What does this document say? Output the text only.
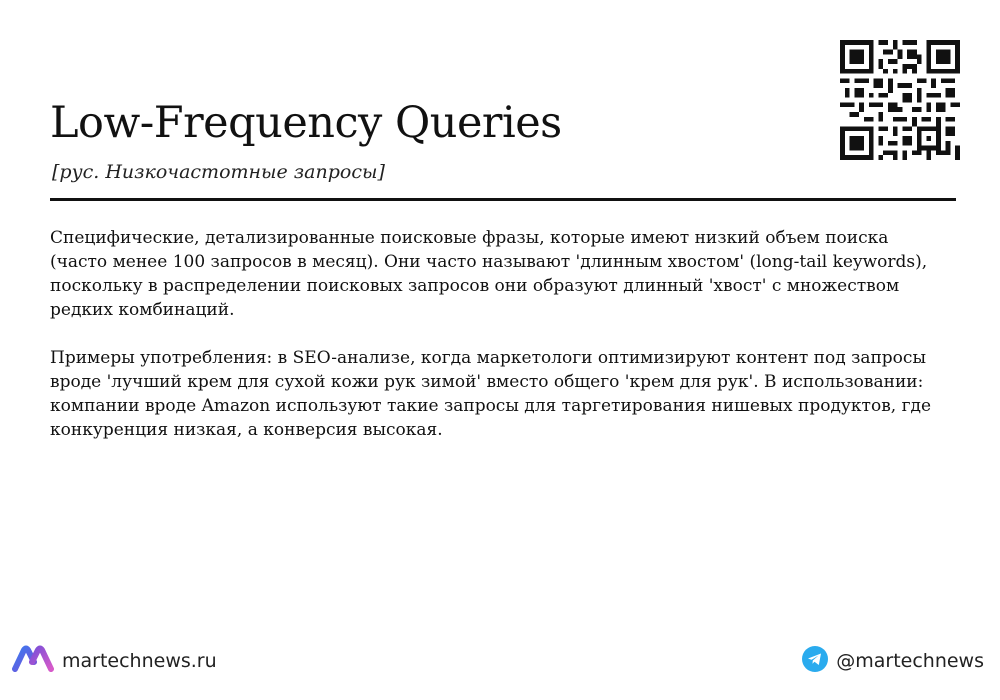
Low-Frequency Queries
[рус. Низкочастотные запросы]

Специфические, детализированные поисковые фразы, которые имеют низкий объем поиска (часто менее 100 запросов в месяц). Они часто называют 'длинным хвостом' (long-tail keywords), поскольку в распределении поисковых запросов они образуют длинный 'хвост' с множеством редких комбинаций.

Примеры употребления: в SEO-анализе, когда маркетологи оптимизируют контент под запросы вроде 'лучший крем для сухой кожи рук зимой' вместо общего 'крем для рук'. В использовании: компании вроде Amazon используют такие запросы для таргетирования нишевых продуктов, где конкуренция низкая, а конверсия высокая.

martechnews.ru	@martechnews
